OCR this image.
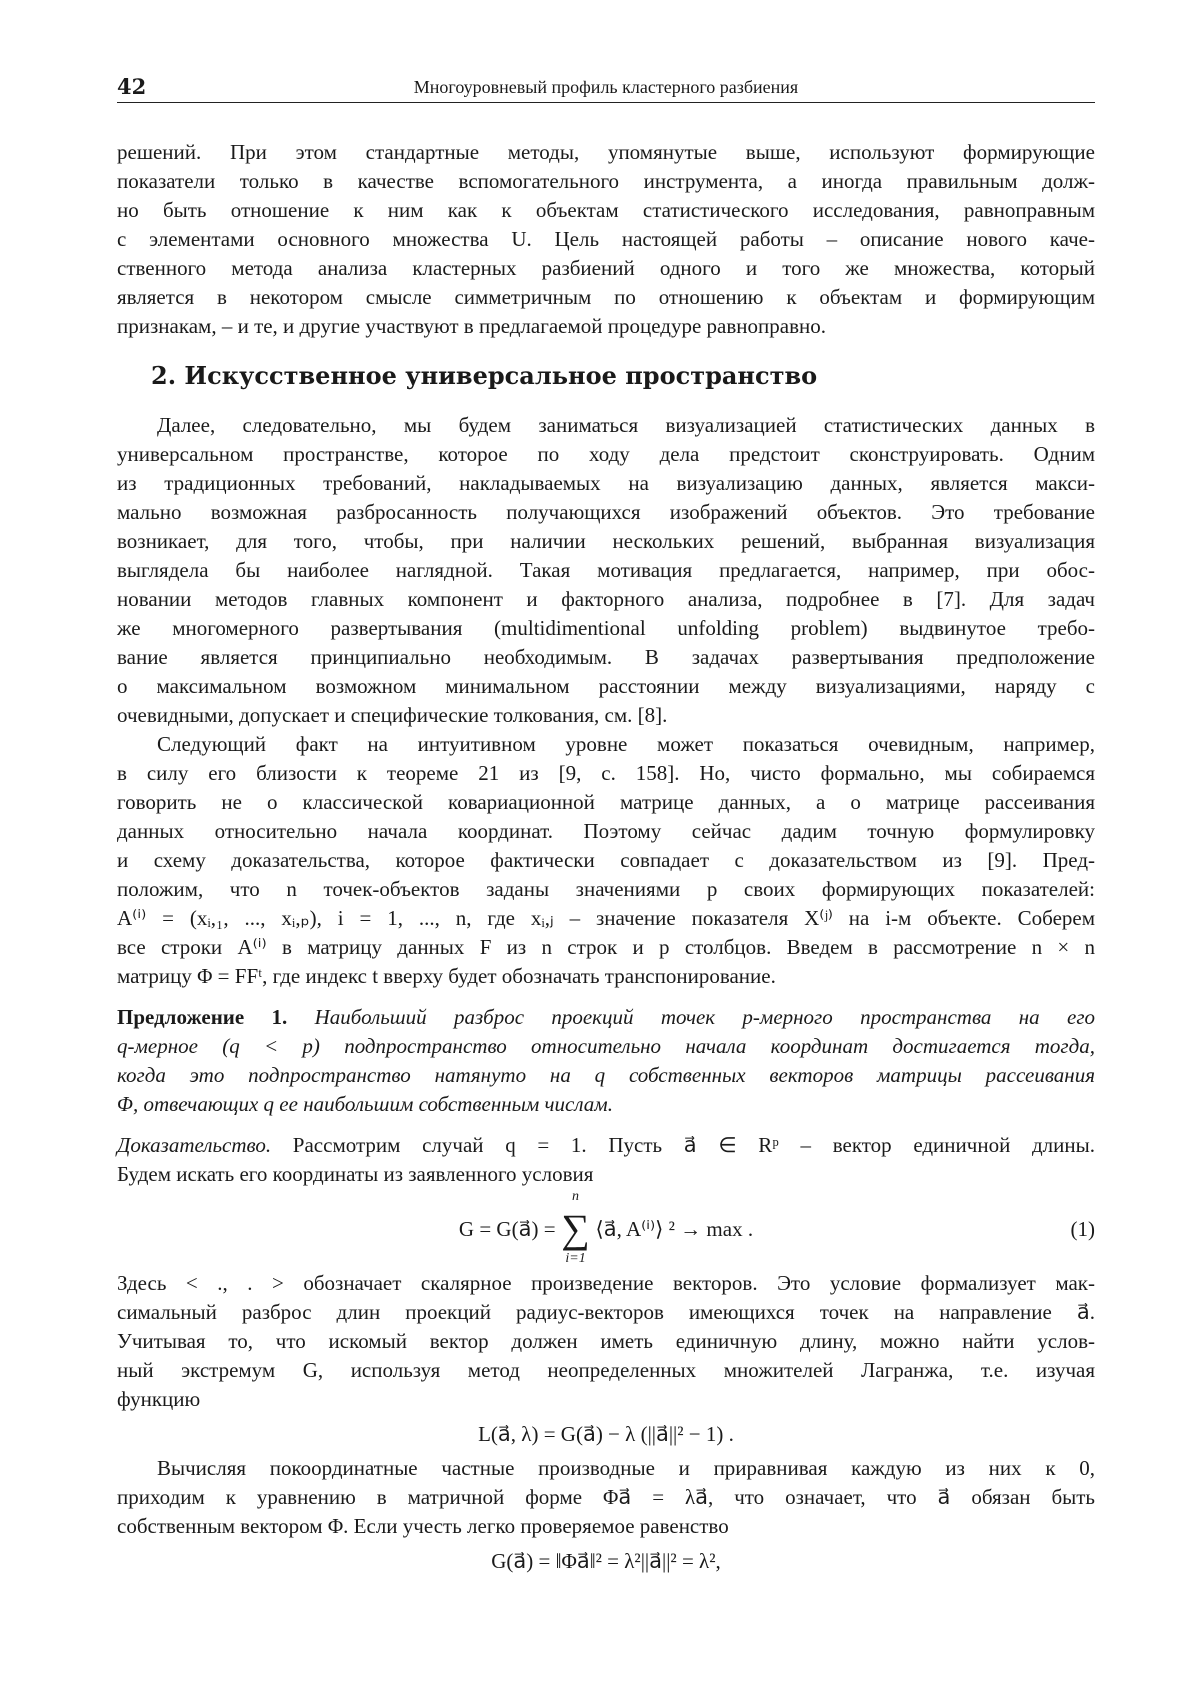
42	Многоуровневый профиль кластерного разбиения
решений. При этом стандартные методы, упомянутые выше, используют формирующие
показатели только в качестве вспомогательного инструмента, а иногда правильным долж-
но быть отношение к ним как к объектам статистического исследования, равноправным
с элементами основного множества U. Цель настоящей работы – описание нового каче-
ственного метода анализа кластерных разбиений одного и того же множества, который
является в некотором смысле симметричным по отношению к объектам и формирующим
признакам, – и те, и другие участвуют в предлагаемой процедуре равноправно.
2. Искусственное универсальное пространство
Далее, следовательно, мы будем заниматься визуализацией статистических данных в
универсальном пространстве, которое по ходу дела предстоит сконструировать. Одним
из традиционных требований, накладываемых на визуализацию данных, является макси-
мально возможная разбросанность получающихся изображений объектов. Это требование
возникает, для того, чтобы, при наличии нескольких решений, выбранная визуализация
выглядела бы наиболее наглядной. Такая мотивация предлагается, например, при обос-
новании методов главных компонент и факторного анализа, подробнее в [7]. Для задач
же многомерного развертывания (multidimentional unfolding problem) выдвинутое требо-
вание является принципиально необходимым. В задачах развертывания предположение
о максимальном возможном минимальном расстоянии между визуализациями, наряду с
очевидными, допускает и специфические толкования, см. [8].
Следующий факт на интуитивном уровне может показаться очевидным, например,
в силу его близости к теореме 21 из [9, с. 158]. Но, чисто формально, мы собираемся
говорить не о классической ковариационной матрице данных, а о матрице рассеивания
данных относительно начала координат. Поэтому сейчас дадим точную формулировку
и схему доказательства, которое фактически совпадает с доказательством из [9]. Пред-
положим, что n точек-объектов заданы значениями p своих формирующих показателей:
A⁽ⁱ⁾ = (xᵢ,₁, ..., xᵢ,ₚ), i = 1, ..., n, где xᵢ,ⱼ – значение показателя X⁽ʲ⁾ на i-м объекте. Соберем
все строки A⁽ⁱ⁾ в матрицу данных F из n строк и p столбцов. Введем в рассмотрение n × n
матрицу Φ = FFᵗ, где индекс t вверху будет обозначать транспонирование.
Предложение 1. Наибольший разброс проекций точек p-мерного пространства на его
q-мерное (q < p) подпространство относительно начала координат достигается тогда,
когда это подпространство натянуто на q собственных векторов матрицы рассеивания
Φ, отвечающих q ее наибольшим собственным числам.
Доказательство. Рассмотрим случай q = 1. Пусть a⃗ ∈ Rᵖ – вектор единичной длины.
Будем искать его координаты из заявленного условия
G = G(a⃗) =
n
∑
i=1
⟨a⃗, A⁽ⁱ⁾⟩ ² → max .	(1)
Здесь < ., . > обозначает скалярное произведение векторов. Это условие формализует мак-
симальный разброс длин проекций радиус-векторов имеющихся точек на направление a⃗.
Учитывая то, что искомый вектор должен иметь единичную длину, можно найти услов-
ный экстремум G, используя метод неопределенных множителей Лагранжа, т.е. изучая
функцию
L(a⃗, λ) = G(a⃗) − λ (||a⃗||² − 1) .
Вычисляя покоординатные частные производные и приравнивая каждую из них к 0,
приходим к уравнению в матричной форме Φa⃗ = λa⃗, что означает, что a⃗ обязан быть
собственным вектором Φ. Если учесть легко проверяемое равенство
G(a⃗) = ‖Φa⃗‖² = λ²||a⃗||² = λ²,
